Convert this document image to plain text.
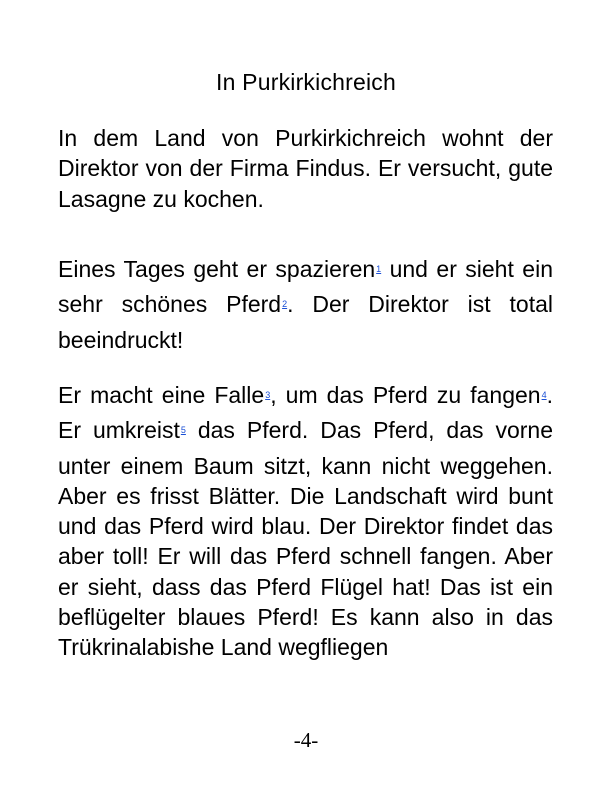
In Purkirkichreich

In dem Land von Purkirkichreich wohnt der Direktor von der Firma Findus. Er versucht, gute Lasagne zu kochen.

Eines Tages geht er spazieren$^1$ und er sieht ein sehr schönes Pferd$^2$. Der Direktor ist total beeindruckt!

Er macht eine Falle$^3$, um das Pferd zu fangen$^4$. Er umkreist$^5$ das Pferd. Das Pferd, das vorne unter einem Baum sitzt, kann nicht weggehen. Aber es frisst Blätter. Die Landschaft wird bunt und das Pferd wird blau. Der Direktor findet das aber toll! Er will das Pferd schnell fangen. Aber er sieht, dass das Pferd Flügel hat! Das ist ein beflügelter blaues Pferd! Es kann also in das Trükrinalabishe Land wegfliegen

-4-
